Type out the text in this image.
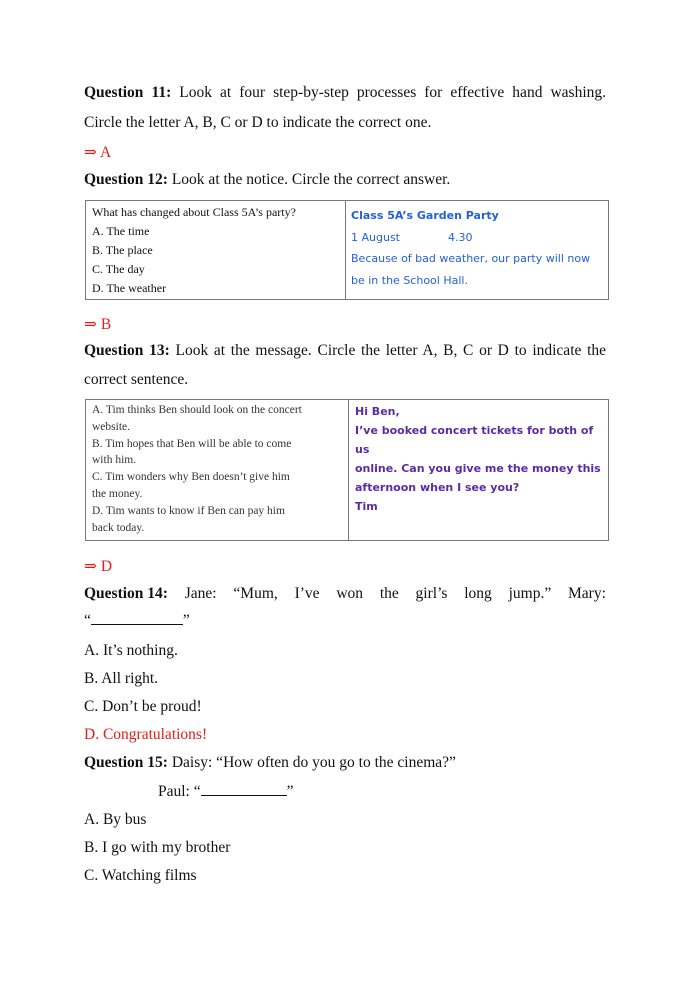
Question 11: Look at four step-by-step processes for effective hand washing.
Circle the letter A, B, C or D to indicate the correct one.
⇒ A
Question 12: Look at the notice. Circle the correct answer.
What has changed about Class 5A’s party?
A. The time
B. The place
C. The day
D. The weather
Class 5A’s Garden Party
1 August	4.30
Because of bad weather, our party will now
be in the School Hall.
⇒ B
Question 13: Look at the message. Circle the letter A, B, C or D to indicate the
correct sentence.
A. Tim thinks Ben should look on the concert
website.
B. Tim hopes that Ben will be able to come
with him.
C. Tim wonders why Ben doesn’t give him
the money.
D. Tim wants to know if Ben can pay him
back today.
Hi Ben,
I’ve booked concert tickets for both of us
online. Can you give me the money this
afternoon when I see you?
Tim
⇒ D
Question 14: Jane: “Mum, I’ve won the girl’s long jump.” Mary:
“	”
A. It’s nothing.
B. All right.
C. Don’t be proud!
D. Congratulations!
Question 15: Daisy: “How often do you go to the cinema?”
Paul: “	”
A. By bus
B. I go with my brother
C. Watching films
